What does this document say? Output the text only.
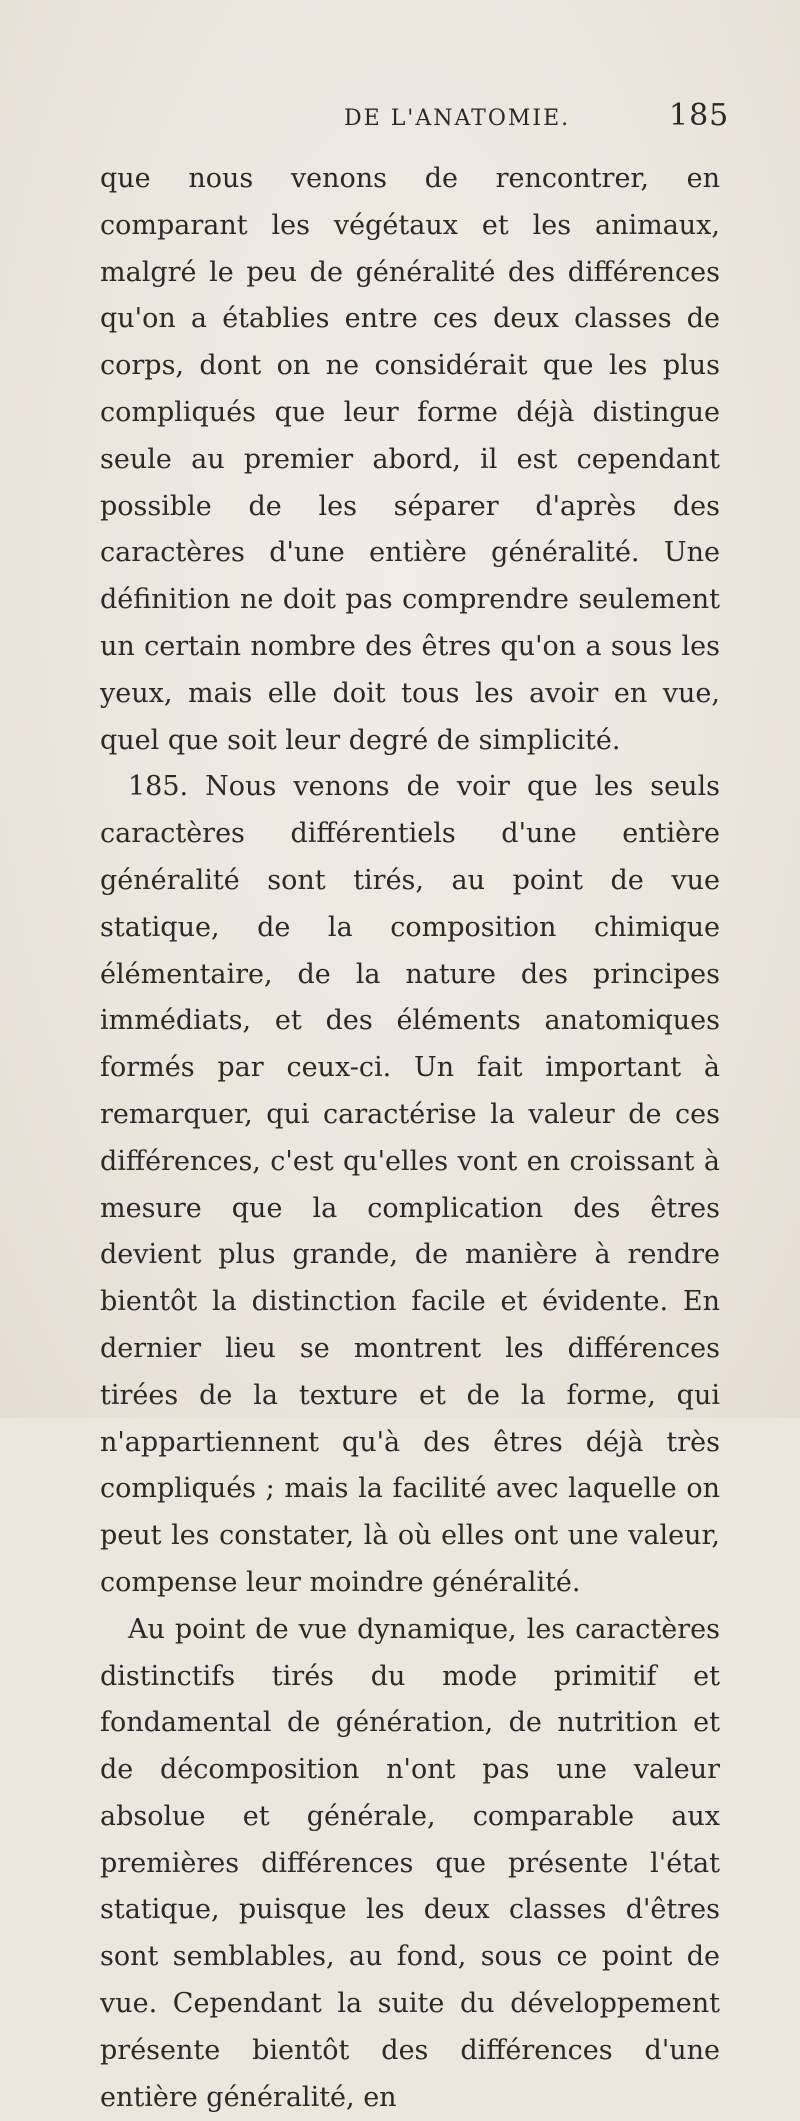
DE L'ANATOMIE.	185

que nous venons de rencontrer, en comparant les végétaux et les animaux, malgré le peu de généralité des différences qu'on a établies entre ces deux classes de corps, dont on ne considérait que les plus compliqués que leur forme déjà distingue seule au premier abord, il est cependant possible de les séparer d'après des caractères d'une entière généralité. Une définition ne doit pas comprendre seulement un certain nombre des êtres qu'on a sous les yeux, mais elle doit tous les avoir en vue, quel que soit leur degré de simplicité.

185. Nous venons de voir que les seuls caractères différentiels d'une entière généralité sont tirés, au point de vue statique, de la composition chimique élémentaire, de la nature des principes immédiats, et des éléments anatomiques formés par ceux-ci. Un fait important à remarquer, qui caractérise la valeur de ces différences, c'est qu'elles vont en croissant à mesure que la complication des êtres devient plus grande, de manière à rendre bientôt la distinction facile et évidente. En dernier lieu se montrent les différences tirées de la texture et de la forme, qui n'appartiennent qu'à des êtres déjà très compliqués ; mais la facilité avec laquelle on peut les constater, là où elles ont une valeur, compense leur moindre généralité.

Au point de vue dynamique, les caractères distinctifs tirés du mode primitif et fondamental de génération, de nutrition et de décomposition n'ont pas une valeur absolue et générale, comparable aux premières différences que présente l'état statique, puisque les deux classes d'êtres sont semblables, au fond, sous ce point de vue. Cependant la suite du développement présente bientôt des différences d'une entière généralité, en
